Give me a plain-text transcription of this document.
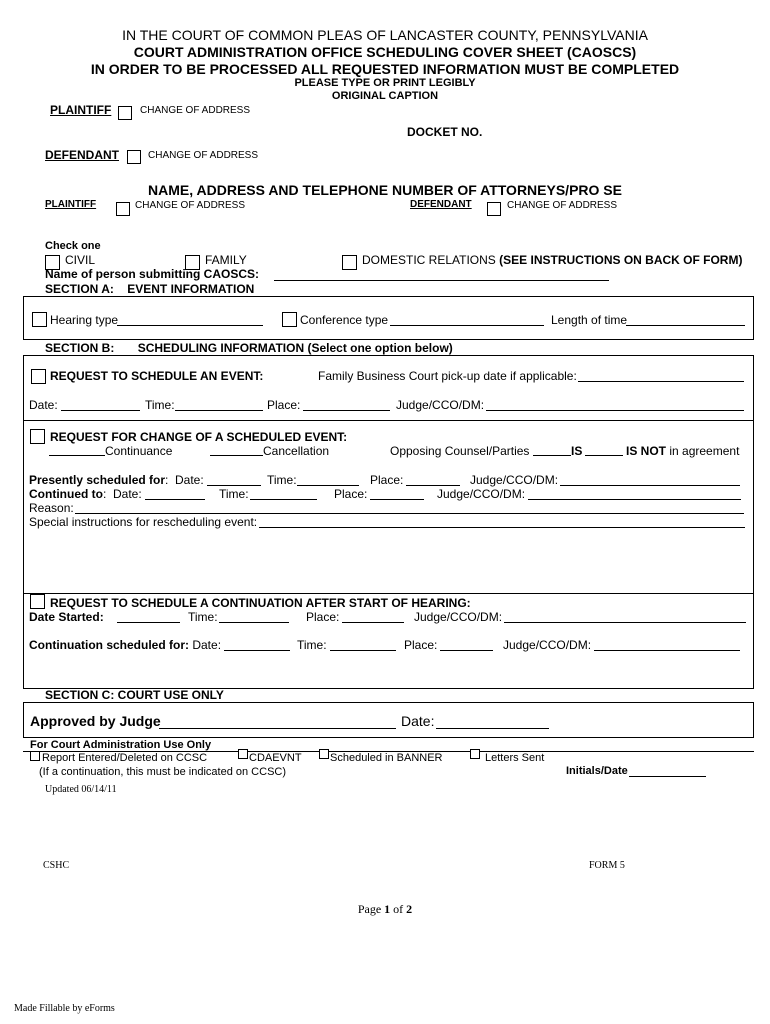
IN THE COURT OF COMMON PLEAS OF LANCASTER COUNTY, PENNSYLVANIA
COURT ADMINISTRATION OFFICE SCHEDULING COVER SHEET (CAOSCS)
IN ORDER TO BE PROCESSED ALL REQUESTED INFORMATION MUST BE COMPLETED
PLEASE TYPE OR PRINT LEGIBLY
ORIGINAL CAPTION
PLAINTIFF	CHANGE OF ADDRESS
DOCKET NO.
DEFENDANT	CHANGE OF ADDRESS
NAME, ADDRESS AND TELEPHONE NUMBER OF ATTORNEYS/PRO SE
PLAINTIFF	CHANGE OF ADDRESS	DEFENDANT	CHANGE OF ADDRESS
Check one
CIVIL	FAMILY	DOMESTIC RELATIONS (SEE INSTRUCTIONS ON BACK OF FORM)
Name of person submitting CAOSCS:
SECTION A: EVENT INFORMATION
Hearing type	Conference type	Length of time
SECTION B: SCHEDULING INFORMATION (Select one option below)
REQUEST TO SCHEDULE AN EVENT:	Family Business Court pick-up date if applicable:
Date:	Time:	Place:	Judge/CCO/DM:
REQUEST FOR CHANGE OF A SCHEDULED EVENT:
Continuance	Cancellation	Opposing Counsel/Parties	IS	IS NOT in agreement
Presently scheduled for: Date:	Time:	Place:	Judge/CCO/DM:
Continued to: Date:	Time:	Place:	Judge/CCO/DM:
Reason:
Special instructions for rescheduling event:
REQUEST TO SCHEDULE A CONTINUATION AFTER START OF HEARING:
Date Started:	Time:	Place:	Judge/CCO/DM:
Continuation scheduled for: Date:	Time:	Place:	Judge/CCO/DM:
SECTION C: COURT USE ONLY
Approved by Judge	Date:
For Court Administration Use Only
Report Entered/Deleted on CCSC	CDAEVNT	Scheduled in BANNER	Letters Sent
(If a continuation, this must be indicated on CCSC)	Initials/Date
Updated 06/14/11
CSHC	FORM 5
Page 1 of 2
Made Fillable by eForms
